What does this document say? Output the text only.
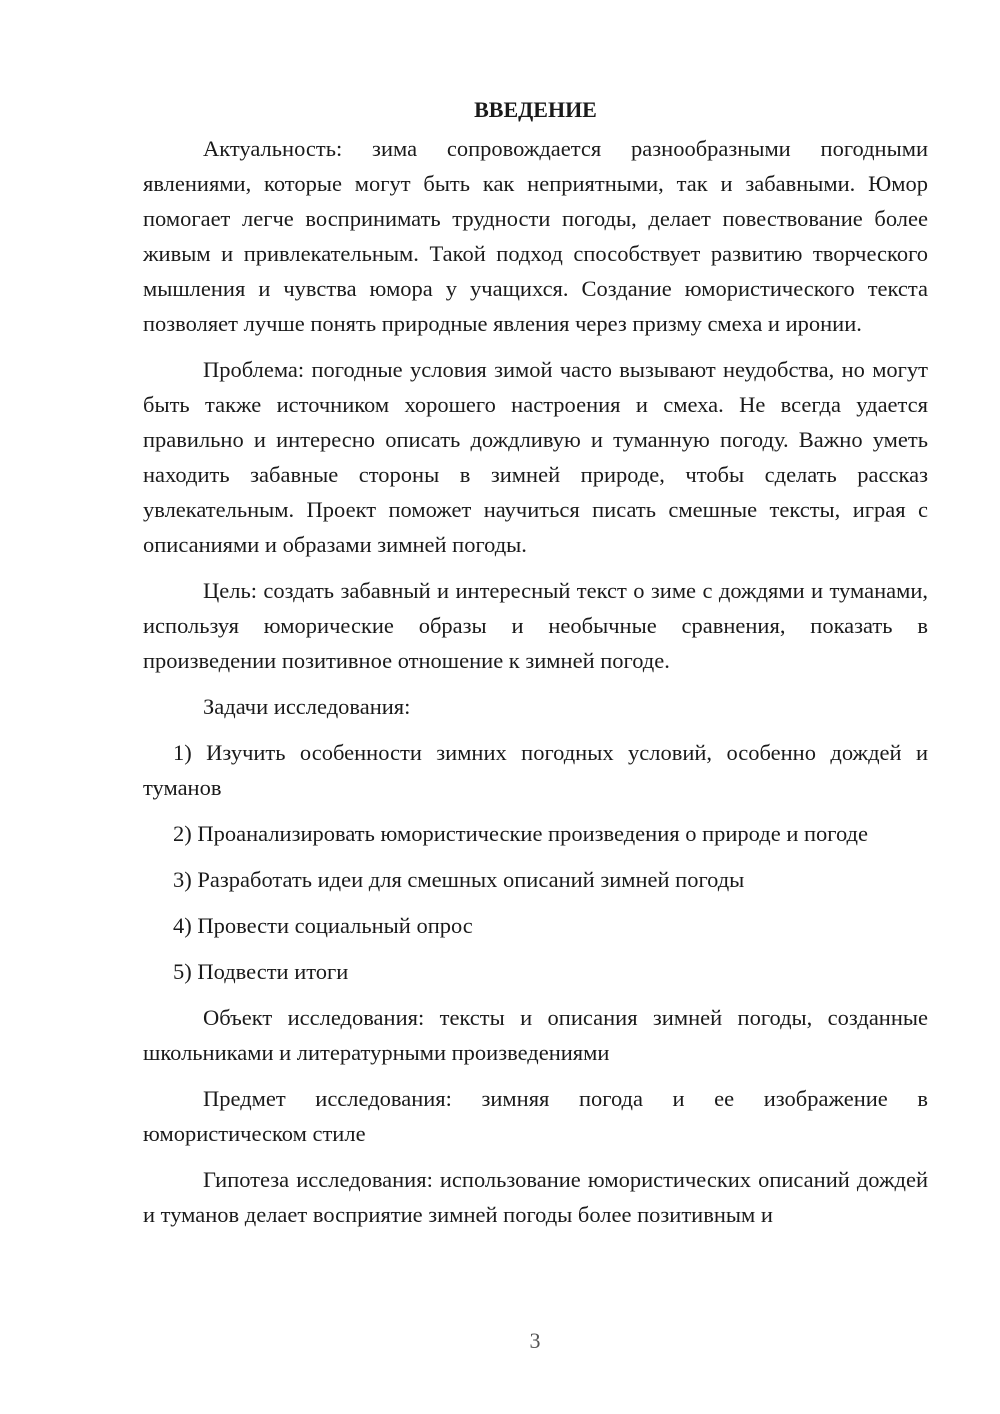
ВВЕДЕНИЕ

Актуальность: зима сопровождается разнообразными погодными явлениями, которые могут быть как неприятными, так и забавными. Юмор помогает легче воспринимать трудности погоды, делает повествование более живым и привлекательным. Такой подход способствует развитию творческого мышления и чувства юмора у учащихся. Создание юмористического текста позволяет лучше понять природные явления через призму смеха и иронии.

Проблема: погодные условия зимой часто вызывают неудобства, но могут быть также источником хорошего настроения и смеха. Не всегда удается правильно и интересно описать дождливую и туманную погоду. Важно уметь находить забавные стороны в зимней природе, чтобы сделать рассказ увлекательным. Проект поможет научиться писать смешные тексты, играя с описаниями и образами зимней погоды.

Цель: создать забавный и интересный текст о зиме с дождями и туманами, используя юморические образы и необычные сравнения, показать в произведении позитивное отношение к зимней погоде.

Задачи исследования:

1) Изучить особенности зимних погодных условий, особенно дождей и туманов

2) Проанализировать юмористические произведения о природе и погоде

3) Разработать идеи для смешных описаний зимней погоды

4) Провести социальный опрос

5) Подвести итоги

Объект исследования: тексты и описания зимней погоды, созданные школьниками и литературными произведениями

Предмет исследования: зимняя погода и ее изображение в юмористическом стиле

Гипотеза исследования: использование юмористических описаний дождей и туманов делает восприятие зимней погоды более позитивным и

3
